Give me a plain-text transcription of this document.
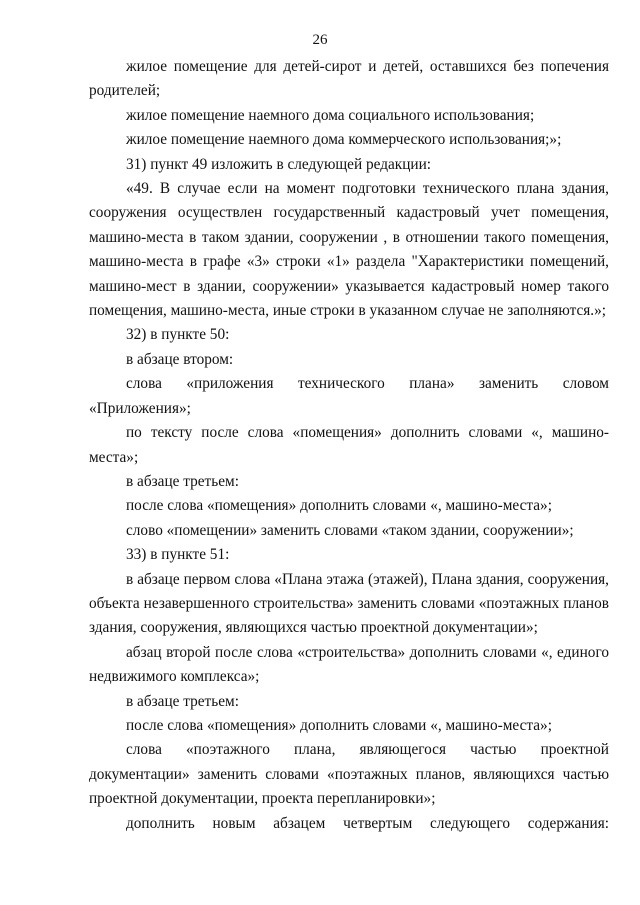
26

жилое помещение для детей-сирот и детей, оставшихся без попечения родителей;

жилое помещение наемного дома социального использования;

жилое помещение наемного дома коммерческого использования;»;

31) пункт 49 изложить в следующей редакции:

«49. В случае если на момент подготовки технического плана здания, сооружения осуществлен государственный кадастровый учет помещения, машино-места в таком здании, сооружении , в отношении такого помещения, машино-места в графе «3» строки «1» раздела "Характеристики помещений, машино-мест в здании, сооружении» указывается кадастровый номер такого помещения, машино-места, иные строки в указанном случае не заполняются.»;

32) в пункте 50:

в абзаце втором:

слова «приложения технического плана» заменить словом «Приложения»;

по тексту после слова «помещения» дополнить словами «, машино-места»;

в абзаце третьем:

после слова «помещения» дополнить словами «, машино-места»;

слово «помещении» заменить словами «таком здании, сооружении»;

33) в пункте 51:

в абзаце первом слова «Плана этажа (этажей), Плана здания, сооружения, объекта незавершенного строительства» заменить словами «поэтажных планов здания, сооружения, являющихся частью проектной документации»;

абзац второй после слова «строительства» дополнить словами «, единого недвижимого комплекса»;

в абзаце третьем:

после слова «помещения» дополнить словами «, машино-места»;

слова «поэтажного плана, являющегося частью проектной документации» заменить словами «поэтажных планов, являющихся частью проектной документации, проекта перепланировки»;

дополнить новым абзацем четвертым следующего содержания:
